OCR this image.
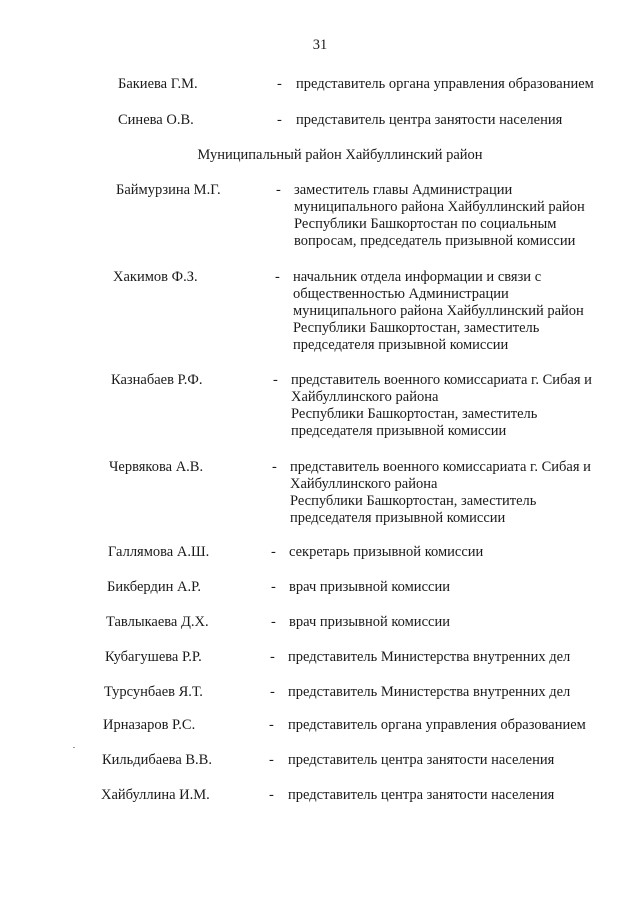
31
Бакиева Г.М.	- представитель органа управления образованием
Синева О.В.	- представитель центра занятости населения
Муниципальный район Хайбуллинский район
Баймурзина М.Г.	- заместитель главы Администрации
муниципального района Хайбуллинский район
Республики Башкортостан по социальным
вопросам, председатель призывной комиссии
Хакимов Ф.З.	- начальник отдела информации и связи с
общественностью Администрации
муниципального района Хайбуллинский район
Республики Башкортостан, заместитель
председателя призывной комиссии
Казнабаев Р.Ф.	- представитель военного комиссариата г. Сибая и
Хайбуллинского района
Республики Башкортостан, заместитель
председателя призывной комиссии
Червякова А.В.	- представитель военного комиссариата г. Сибая и
Хайбуллинского района
Республики Башкортостан, заместитель
председателя призывной комиссии
Галлямова А.Ш.	- секретарь призывной комиссии
Бикбердин А.Р.	- врач призывной комиссии
Тавлыкаева Д.Х.	- врач призывной комиссии
Кубагушева Р.Р.	- представитель Министерства внутренних дел
Турсунбаев Я.Т.	- представитель Министерства внутренних дел
Ирназаров Р.С.	- представитель органа управления образованием
Кильдибаева В.В.	- представитель центра занятости населения
Хайбуллина И.М.	- представитель центра занятости населения
